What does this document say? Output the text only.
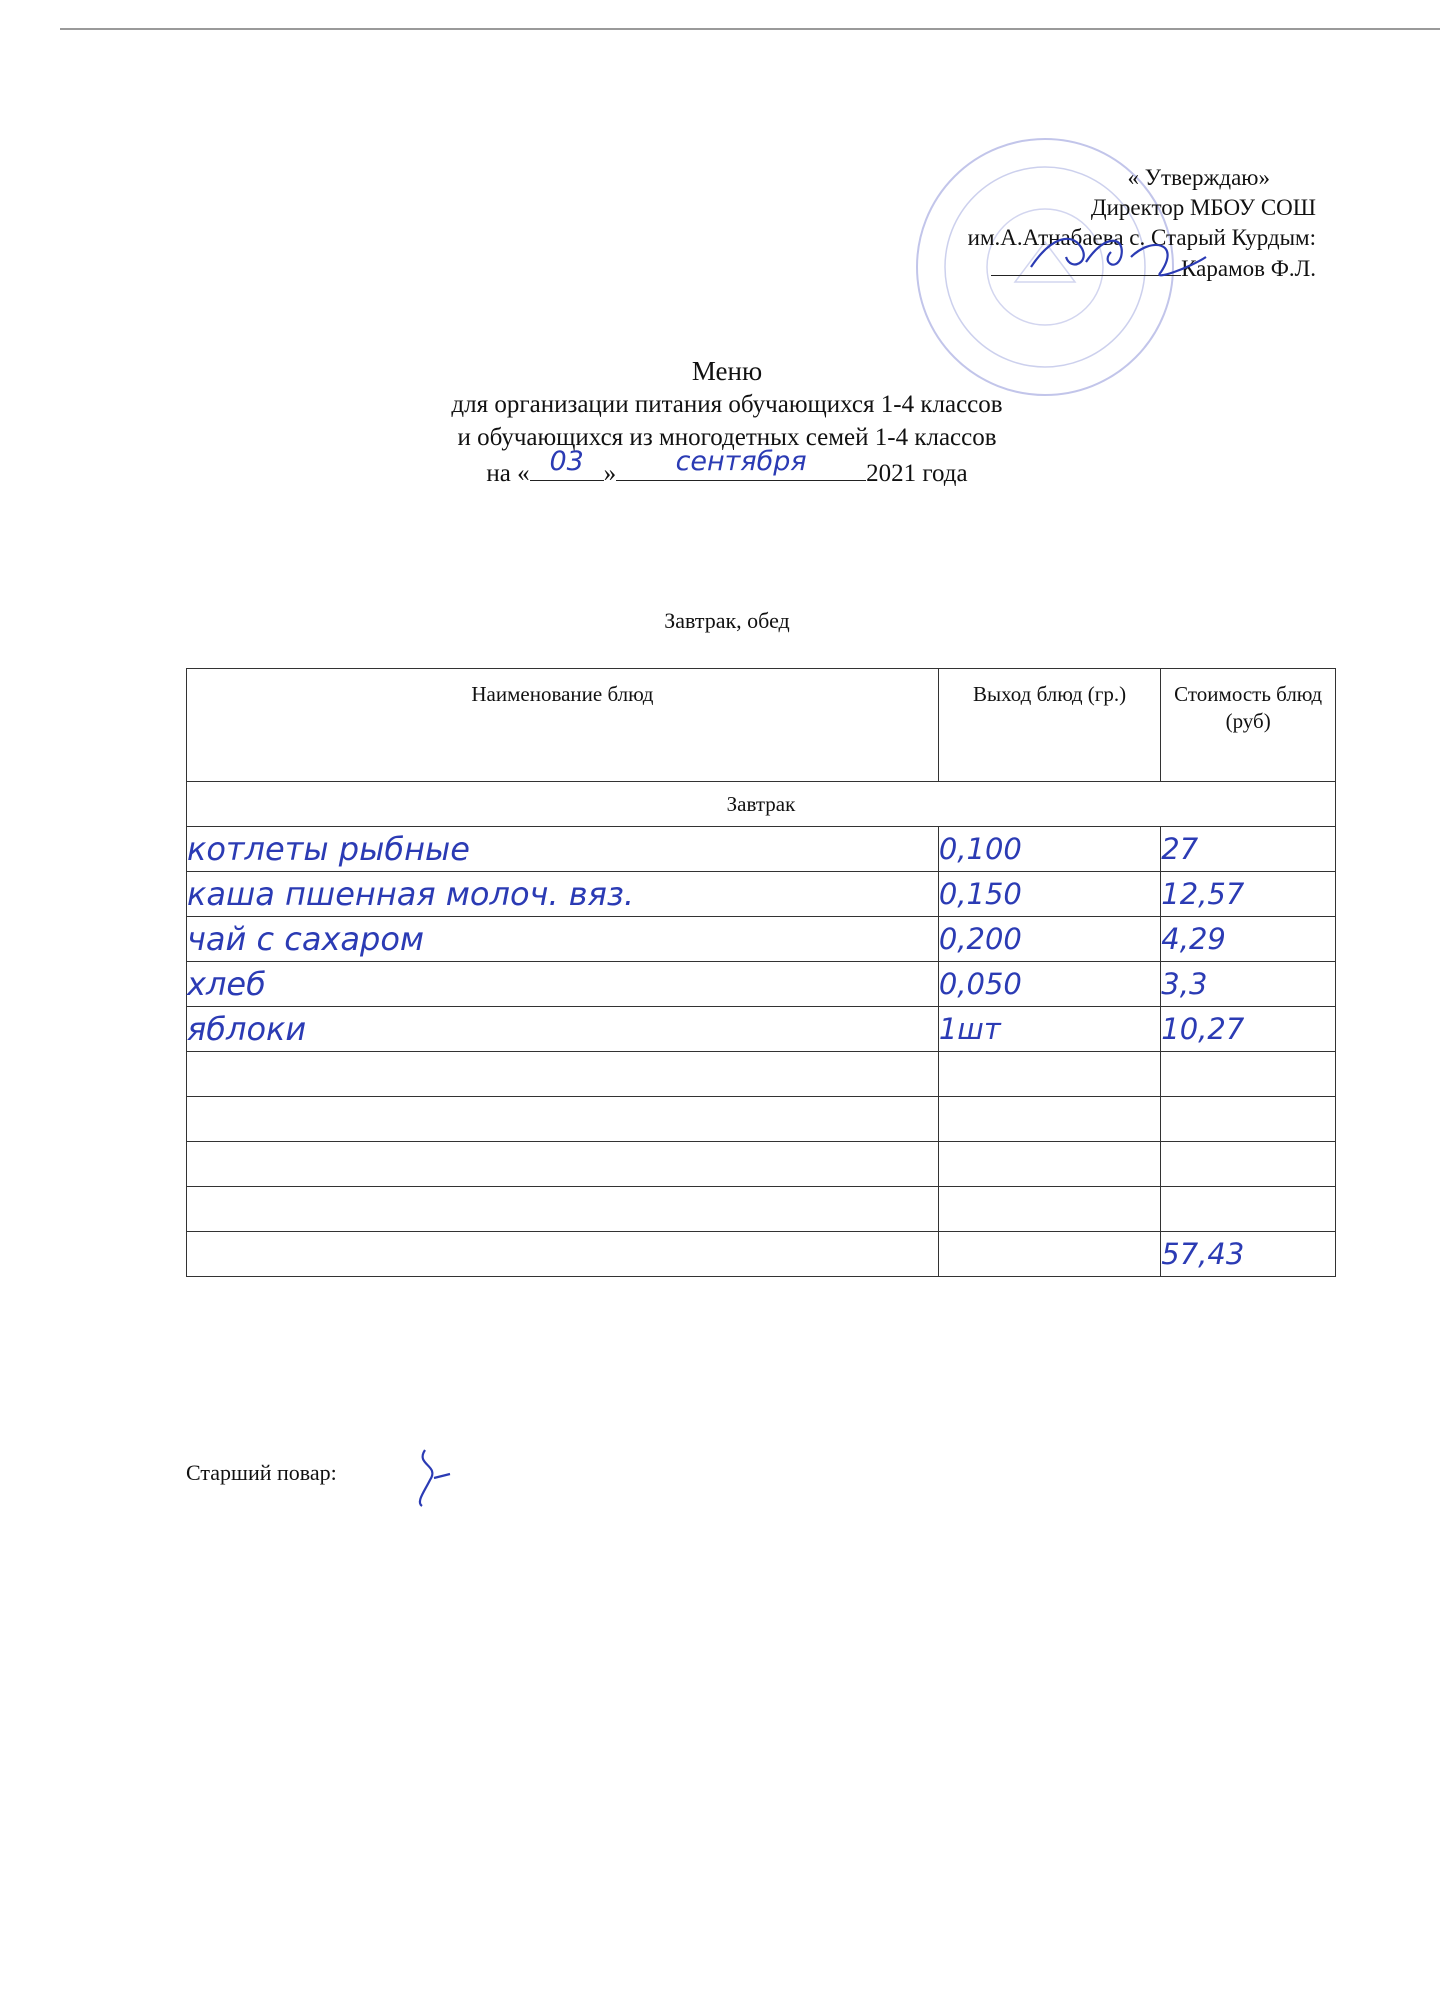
« Утверждаю»
Директор МБОУ СОШ
им.А.Атнабаева с. Старый Курдым:
Карамов Ф.Л.
Меню
для организации питания обучающихся 1-4 классов
и обучающихся из многодетных семей 1-4 классов
на « 03 »	сентября	2021 года
Завтрак, обед
Наименование блюд	Выход блюд (гр.)	Стоимость блюд (руб)
Завтрак		
котлеты рыбные	0,100	27
каша пшенная молоч. вяз.	0,150	12,57
чай с сахаром	0,200	4,29
хлеб	0,050	3,3
яблоки	1шт	10,27

		57,43
Старший повар:
